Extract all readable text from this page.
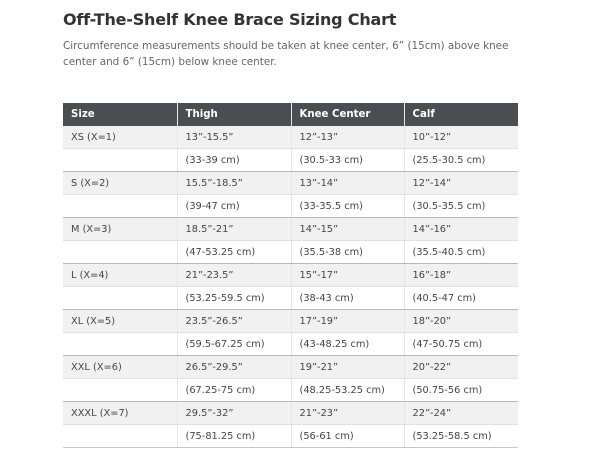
Off-The-Shelf Knee Brace Sizing Chart

Circumference measurements should be taken at knee center, 6” (15cm) above knee center and 6” (15cm) below knee center.

Size	Thigh	Knee Center	Calf
XS (X=1)	13”-15.5”	12”-13”	10”-12”
	(33-39 cm)	(30.5-33 cm)	(25.5-30.5 cm)
S (X=2)	15.5”-18.5”	13”-14”	12”-14”
	(39-47 cm)	(33-35.5 cm)	(30.5-35.5 cm)
M (X=3)	18.5”-21”	14”-15”	14”-16”
	(47-53.25 cm)	(35.5-38 cm)	(35.5-40.5 cm)
L (X=4)	21”-23.5”	15”-17”	16”-18”
	(53.25-59.5 cm)	(38-43 cm)	(40.5-47 cm)
XL (X=5)	23.5”-26.5”	17”-19”	18”-20”
	(59.5-67.25 cm)	(43-48.25 cm)	(47-50.75 cm)
XXL (X=6)	26.5”-29.5”	19”-21”	20”-22”
	(67.25-75 cm)	(48.25-53.25 cm)	(50.75-56 cm)
XXXL (X=7)	29.5”-32”	21”-23”	22”-24”
	(75-81.25 cm)	(56-61 cm)	(53.25-58.5 cm)
